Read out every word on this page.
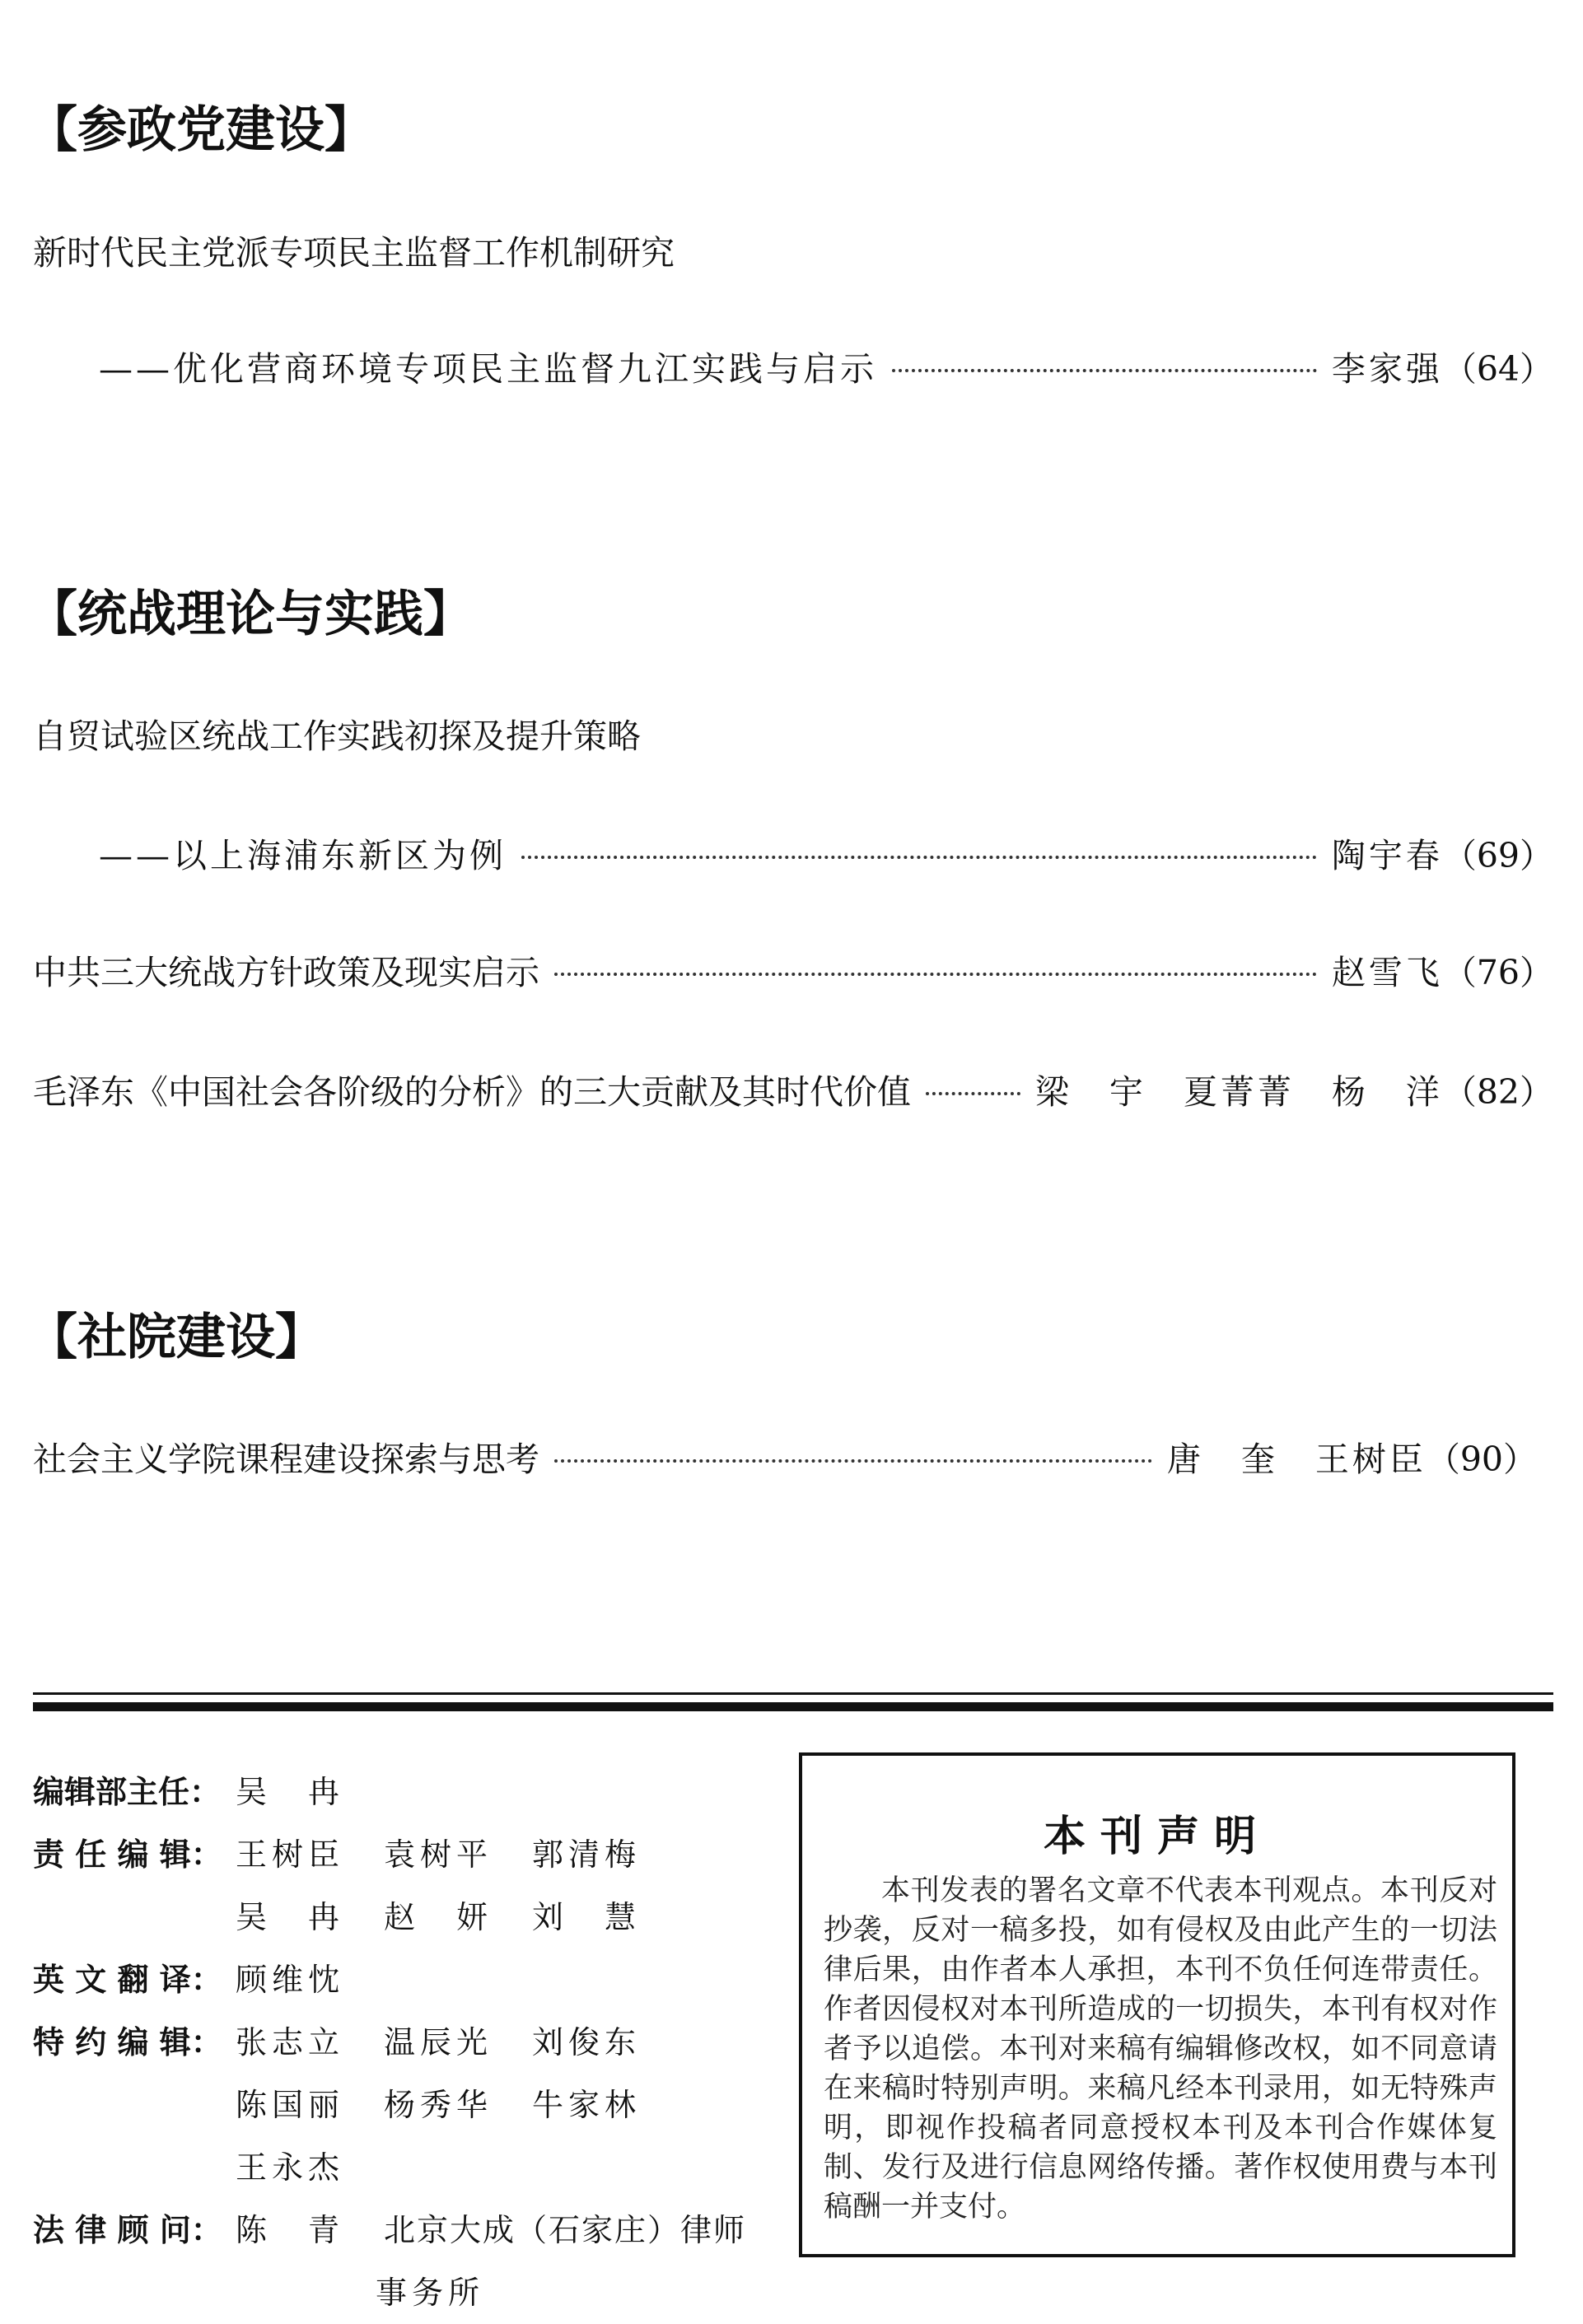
【参政党建设】
新时代民主党派专项民主监督工作机制研究
——优化营商环境专项民主监督九江实践与启示	李家强 （64）
【统战理论与实践】
自贸试验区统战工作实践初探及提升策略
——以上海浦东新区为例	陶宇春 （69）
中共三大统战方针政策及现实启示	赵雪飞 （76）
毛泽东《中国社会各阶级的分析》的三大贡献及其时代价值	梁　宇　夏菁菁　杨　洋 （82）
【社院建设】
社会主义学院课程建设探索与思考	唐　奎　王树臣 （90）
编辑部主任： 吴　冉
责 任 编 辑： 王树臣 袁树平 郭清梅
吴　冉 赵　妍 刘　慧
英 文 翻 译： 顾维忱
特 约 编 辑： 张志立 温辰光 刘俊东
陈国丽 杨秀华 牛家林
王永杰
法 律 顾 问： 陈　青 北京大成（石家庄）律师
事务所
本刊声明
本刊发表的署名文章不代表本刊观点。本刊反对抄袭，反对一稿多投，如有侵权及由此产生的一切法律后果，由作者本人承担，本刊不负任何连带责任。作者因侵权对本刊所造成的一切损失，本刊有权对作者予以追偿。本刊对来稿有编辑修改权，如不同意请在来稿时特别声明。来稿凡经本刊录用，如无特殊声明，即视作投稿者同意授权本刊及本刊合作媒体复制、发行及进行信息网络传播。著作权使用费与本刊稿酬一并支付。
